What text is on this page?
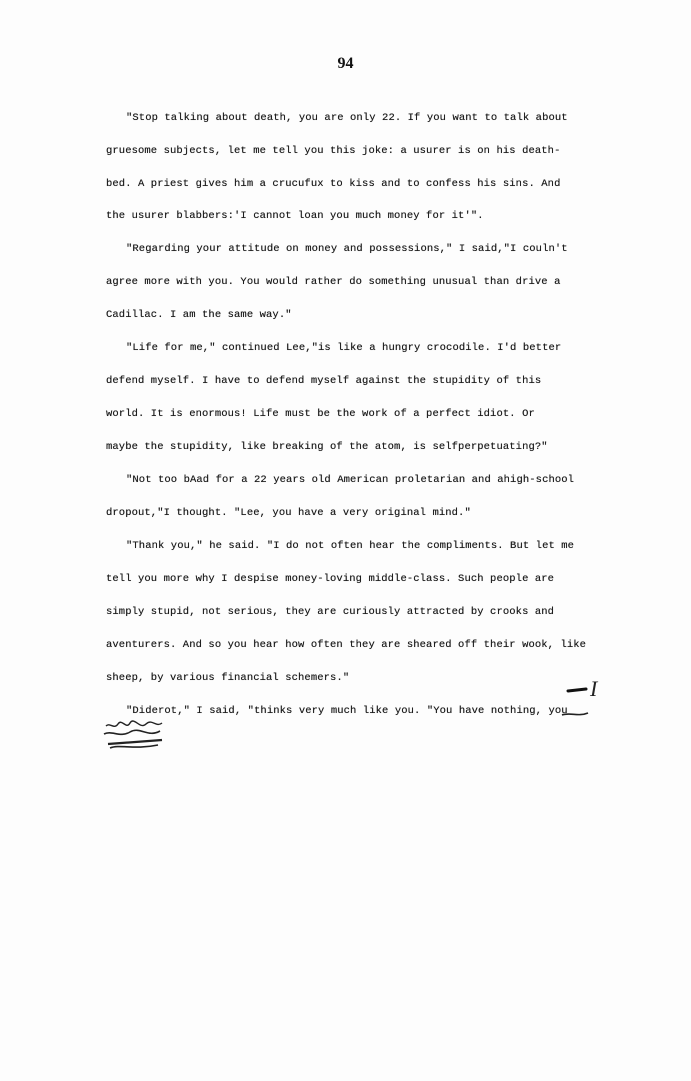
94
"Stop talking about death, you are only 22. If you want to talk about
gruesome subjects, let me tell you this joke: a usurer is on his death-
bed. A priest gives him a crucufux to kiss and to confess his sins. And
the usurer blabbers:'I cannot loan you much money for it'".
"Regarding your attitude on money and possessions," I said,"I couln't
agree more with you. You would rather do something unusual than drive a
Cadillac. I am the same way."
"Life for me," continued Lee,"is like a hungry crocodile. I'd better
defend myself. I have to defend myself against the stupidity of this
world. It is enormous! Life must be the work of a perfect idiot. Or
maybe the stupidity, like breaking of the atom, is selfperpetuating?"
"Not too bAad for a 22 years old American proletarian and ahigh-school
dropout,"I thought. "Lee, you have a very original mind."
"Thank you," he said. "I do not often hear the compliments. But let me
tell you more why I despise money-loving middle-class. Such people are
simply stupid, not serious, they are curiously attracted by crooks and
aventurers. And so you hear how often they are sheared off their wook, like
sheep, by various financial schemers."
"Diderot," I said, "thinks very much like you. "You have nothing, you
I
